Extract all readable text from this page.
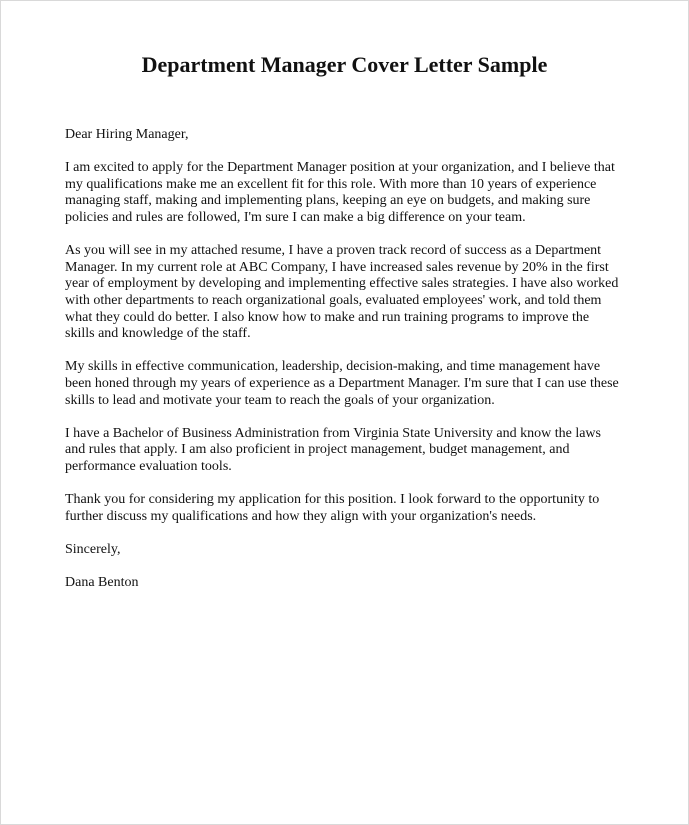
Department Manager Cover Letter Sample

Dear Hiring Manager,

I am excited to apply for the Department Manager position at your organization, and I believe that my qualifications make me an excellent fit for this role. With more than 10 years of experience managing staff, making and implementing plans, keeping an eye on budgets, and making sure policies and rules are followed, I'm sure I can make a big difference on your team.

As you will see in my attached resume, I have a proven track record of success as a Department Manager. In my current role at ABC Company, I have increased sales revenue by 20% in the first year of employment by developing and implementing effective sales strategies. I have also worked with other departments to reach organizational goals, evaluated employees' work, and told them what they could do better. I also know how to make and run training programs to improve the skills and knowledge of the staff.

My skills in effective communication, leadership, decision-making, and time management have been honed through my years of experience as a Department Manager. I'm sure that I can use these skills to lead and motivate your team to reach the goals of your organization.

I have a Bachelor of Business Administration from Virginia State University and know the laws and rules that apply. I am also proficient in project management, budget management, and performance evaluation tools.

Thank you for considering my application for this position. I look forward to the opportunity to further discuss my qualifications and how they align with your organization's needs.

Sincerely,

Dana Benton
